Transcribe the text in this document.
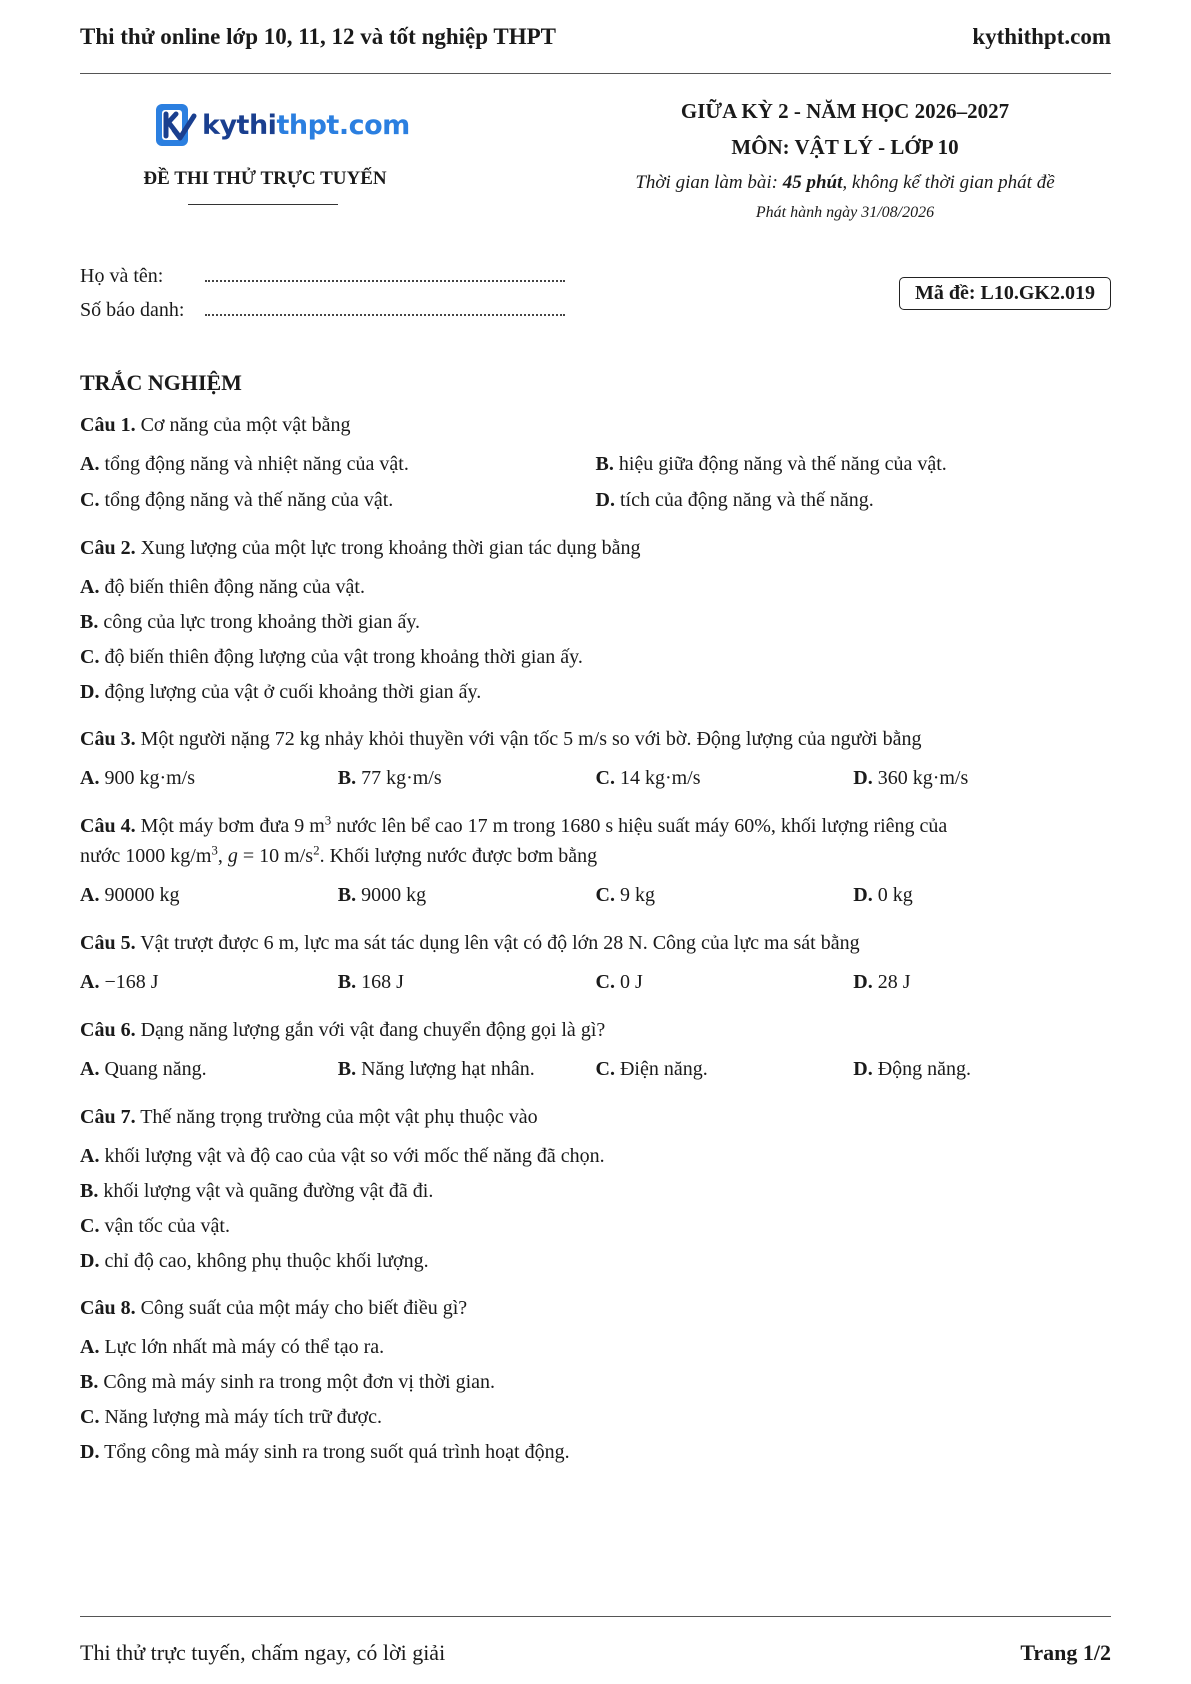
Thi thử online lớp 10, 11, 12 và tốt nghiệp THPT	kythithpt.com
kythithpt.com
ĐỀ THI THỬ TRỰC TUYẾN
GIỮA KỲ 2 - NĂM HỌC 2026–2027
MÔN: VẬT LÝ - LỚP 10
Thời gian làm bài: 45 phút, không kể thời gian phát đề
Phát hành ngày 31/08/2026
Họ và tên:
Số báo danh:
Mã đề: L10.GK2.019
TRẮC NGHIỆM
Câu 1. Cơ năng của một vật bằng
A. tổng động năng và nhiệt năng của vật.	B. hiệu giữa động năng và thế năng của vật.
C. tổng động năng và thế năng của vật.	D. tích của động năng và thế năng.
Câu 2. Xung lượng của một lực trong khoảng thời gian tác dụng bằng
A. độ biến thiên động năng của vật.
B. công của lực trong khoảng thời gian ấy.
C. độ biến thiên động lượng của vật trong khoảng thời gian ấy.
D. động lượng của vật ở cuối khoảng thời gian ấy.
Câu 3. Một người nặng 72 kg nhảy khỏi thuyền với vận tốc 5 m/s so với bờ. Động lượng của người bằng
A. 900 kg·m/s	B. 77 kg·m/s	C. 14 kg·m/s	D. 360 kg·m/s
Câu 4. Một máy bơm đưa 9 $m^3$ nước lên bể cao 17 m trong 1680 s hiệu suất máy 60%, khối lượng riêng của
nước 1000 $kg/m^3$, g = 10 $m/s^2$. Khối lượng nước được bơm bằng
A. 90000 kg	B. 9000 kg	C. 9 kg	D. 0 kg
Câu 5. Vật trượt được 6 m, lực ma sát tác dụng lên vật có độ lớn 28 N. Công của lực ma sát bằng
A. −168 J	B. 168 J	C. 0 J	D. 28 J
Câu 6. Dạng năng lượng gắn với vật đang chuyển động gọi là gì?
A. Quang năng.	B. Năng lượng hạt nhân.	C. Điện năng.	D. Động năng.
Câu 7. Thế năng trọng trường của một vật phụ thuộc vào
A. khối lượng vật và độ cao của vật so với mốc thế năng đã chọn.
B. khối lượng vật và quãng đường vật đã đi.
C. vận tốc của vật.
D. chỉ độ cao, không phụ thuộc khối lượng.
Câu 8. Công suất của một máy cho biết điều gì?
A. Lực lớn nhất mà máy có thể tạo ra.
B. Công mà máy sinh ra trong một đơn vị thời gian.
C. Năng lượng mà máy tích trữ được.
D. Tổng công mà máy sinh ra trong suốt quá trình hoạt động.
Thi thử trực tuyến, chấm ngay, có lời giải	Trang 1/2
